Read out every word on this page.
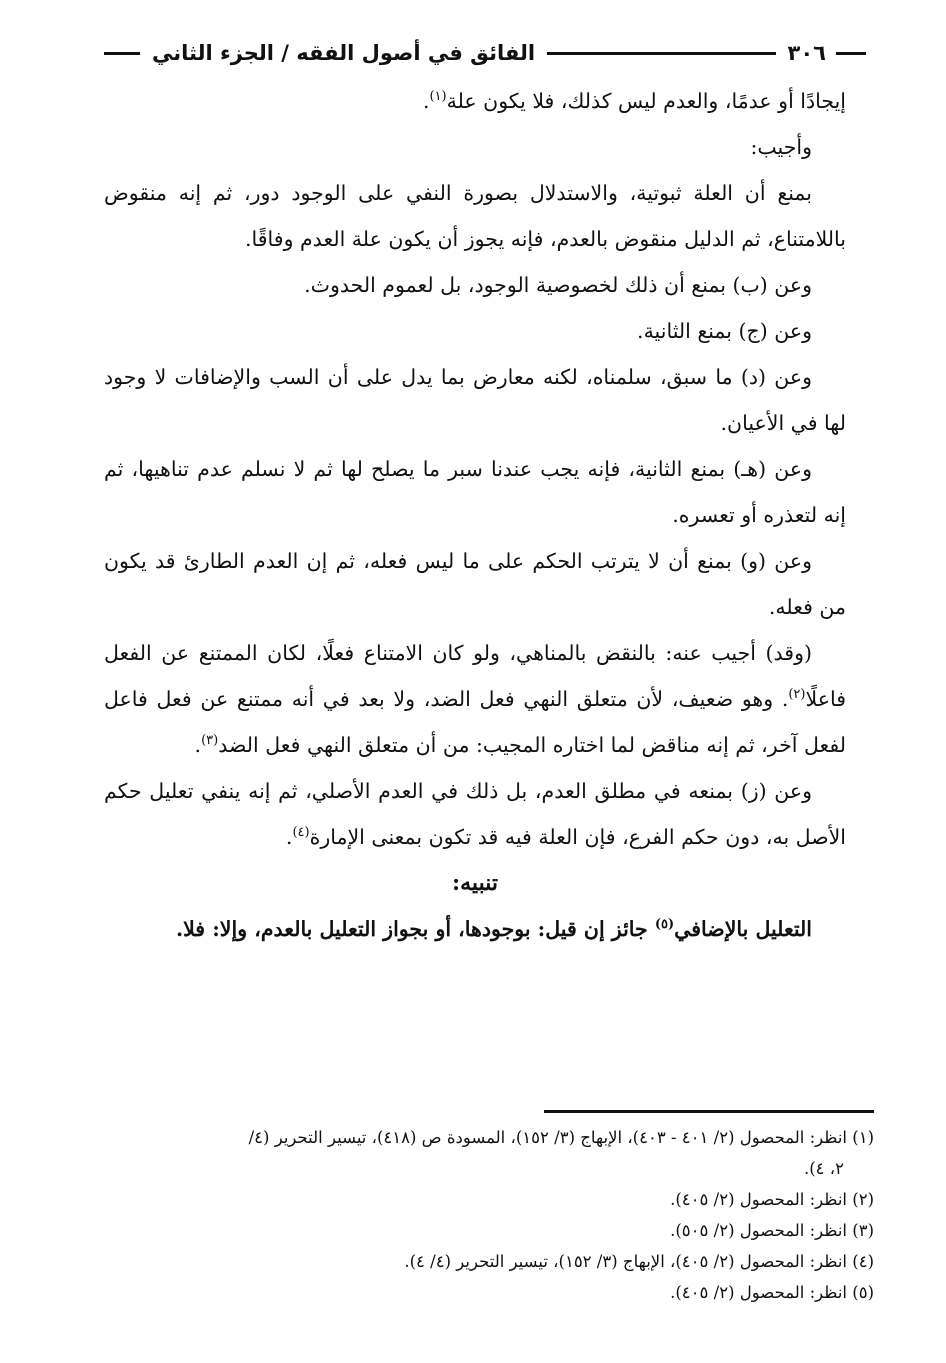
٣٠٦
الفائق في أصول الفقه / الجزء الثاني

إيجادًا أو عدمًا، والعدم ليس كذلك، فلا يكون علة$^{(١)}$.

وأجيب:

بمنع أن العلة ثبوتية، والاستدلال بصورة النفي على الوجود دور، ثم إنه منقوض باللامتناع، ثم الدليل منقوض بالعدم، فإنه يجوز أن يكون علة العدم وفاقًا.

وعن (ب) بمنع أن ذلك لخصوصية الوجود، بل لعموم الحدوث.

وعن (ج) بمنع الثانية.

وعن (د) ما سبق، سلمناه، لكنه معارض بما يدل على أن السب والإضافات لا وجود لها في الأعيان.

وعن (هـ) بمنع الثانية، فإنه يجب عندنا سبر ما يصلح لها ثم لا نسلم عدم تناهيها، ثم إنه لتعذره أو تعسره.

وعن (و) بمنع أن لا يترتب الحكم على ما ليس فعله، ثم إن العدم الطارئ قد يكون من فعله.

(وقد) أجيب عنه: بالنقض بالمناهي، ولو كان الامتناع فعلًا، لكان الممتنع عن الفعل فاعلًا$^{(٢)}$. وهو ضعيف، لأن متعلق النهي فعل الضد، ولا بعد في أنه ممتنع عن فعل فاعل لفعل آخر، ثم إنه مناقض لما اختاره المجيب: من أن متعلق النهي فعل الضد$^{(٣)}$.

وعن (ز) بمنعه في مطلق العدم، بل ذلك في العدم الأصلي، ثم إنه ينفي تعليل حكم الأصل به، دون حكم الفرع، فإن العلة فيه قد تكون بمعنى الإمارة$^{(٤)}$.

تنبيه:

التعليل بالإضافي$^{(٥)}$ جائز إن قيل: بوجودها، أو بجواز التعليل بالعدم، وإلا: فلا.

(١) انظر: المحصول (٢/ ٤٠١ - ٤٠٣)، الإبهاج (٣/ ١٥٢)، المسودة ص (٤١٨)، تيسير التحرير (٤/

٢، ٤).

(٢) انظر: المحصول (٢/ ٤٠٥).

(٣) انظر: المحصول (٢/ ٥٠٥).

(٤) انظر: المحصول (٢/ ٤٠٥)، الإبهاج (٣/ ١٥٢)، تيسير التحرير (٤/ ٤).

(٥) انظر: المحصول (٢/ ٤٠٥).
